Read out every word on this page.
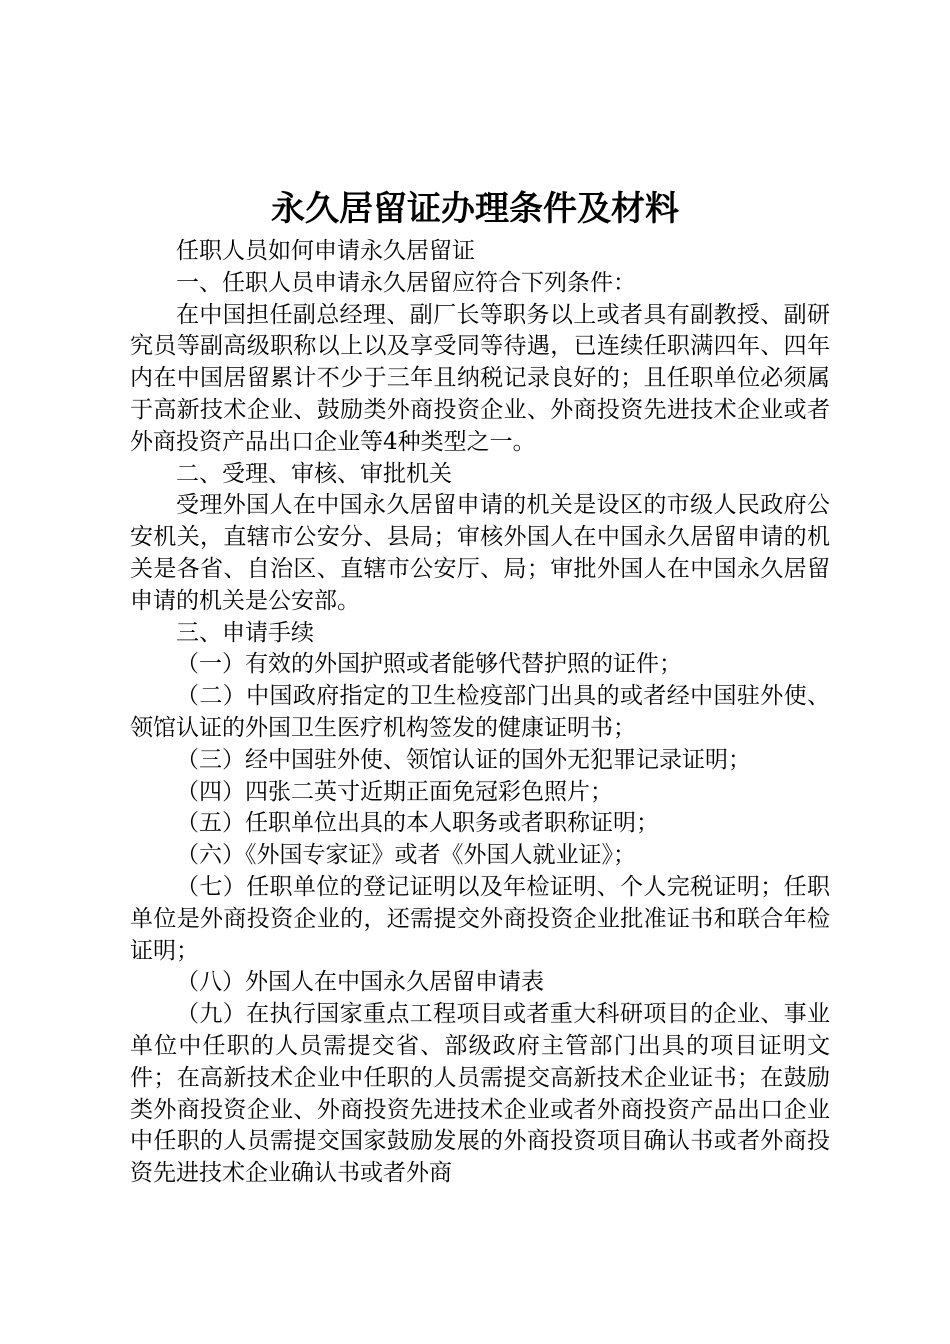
永久居留证办理条件及材料

任职人员如何申请永久居留证

一、任职人员申请永久居留应符合下列条件：

在中国担任副总经理、副厂长等职务以上或者具有副教授、副研究员等副高级职称以上以及享受同等待遇，已连续任职满四年、四年内在中国居留累计不少于三年且纳税记录良好的；且任职单位必须属于高新技术企业、鼓励类外商投资企业、外商投资先进技术企业或者外商投资产品出口企业等4种类型之一。

二、受理、审核、审批机关

受理外国人在中国永久居留申请的机关是设区的市级人民政府公安机关，直辖市公安分、县局；审核外国人在中国永久居留申请的机关是各省、自治区、直辖市公安厅、局；审批外国人在中国永久居留申请的机关是公安部。

三、申请手续

（一）有效的外国护照或者能够代替护照的证件；

（二）中国政府指定的卫生检疫部门出具的或者经中国驻外使、领馆认证的外国卫生医疗机构签发的健康证明书；

（三）经中国驻外使、领馆认证的国外无犯罪记录证明；

（四）四张二英寸近期正面免冠彩色照片；

（五）任职单位出具的本人职务或者职称证明；

（六）《外国专家证》或者《外国人就业证》；

（七）任职单位的登记证明以及年检证明、个人完税证明；任职单位是外商投资企业的，还需提交外商投资企业批准证书和联合年检证明；

（八）外国人在中国永久居留申请表

（九）在执行国家重点工程项目或者重大科研项目的企业、事业单位中任职的人员需提交省、部级政府主管部门出具的项目证明文件；在高新技术企业中任职的人员需提交高新技术企业证书；在鼓励类外商投资企业、外商投资先进技术企业或者外商投资产品出口企业中任职的人员需提交国家鼓励发展的外商投资项目确认书或者外商投资先进技术企业确认书或者外商
